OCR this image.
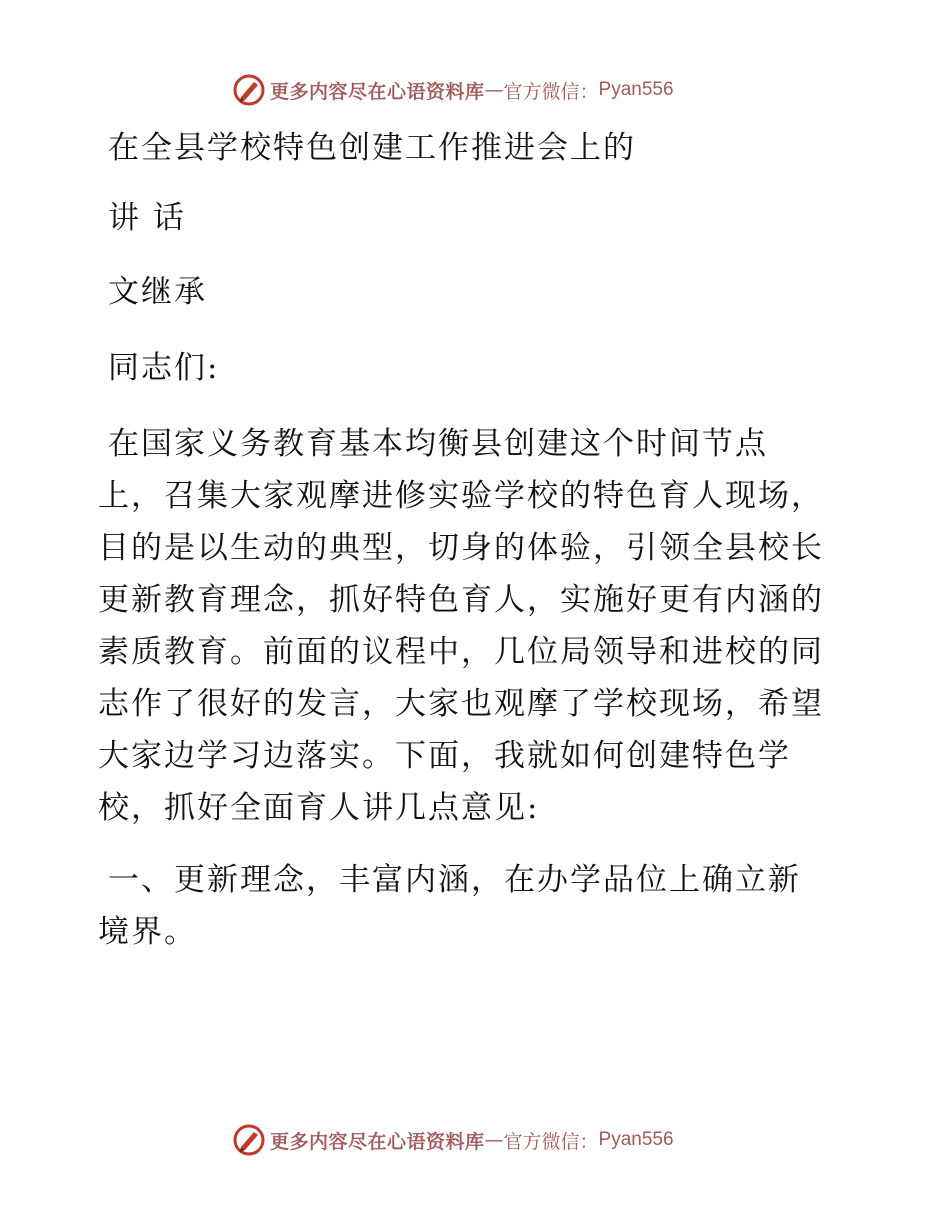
更多内容尽在心语资料库 — 官方微信： Pyan556

在全县学校特色创建工作推进会上的

讲 话

文继承

同志们:

在国家义务教育基本均衡县创建这个时间节点

上，召集大家观摩进修实验学校的特色育人现场，

目的是以生动的典型，切身的体验，引领全县校长

更新教育理念，抓好特色育人，实施好更有内涵的

素质教育。前面的议程中，几位局领导和进校的同

志作了很好的发言，大家也观摩了学校现场，希望

大家边学习边落实。下面，我就如何创建特色学

校，抓好全面育人讲几点意见:

一、更新理念，丰富内涵，在办学品位上确立新

境界。

更多内容尽在心语资料库 — 官方微信： Pyan556
